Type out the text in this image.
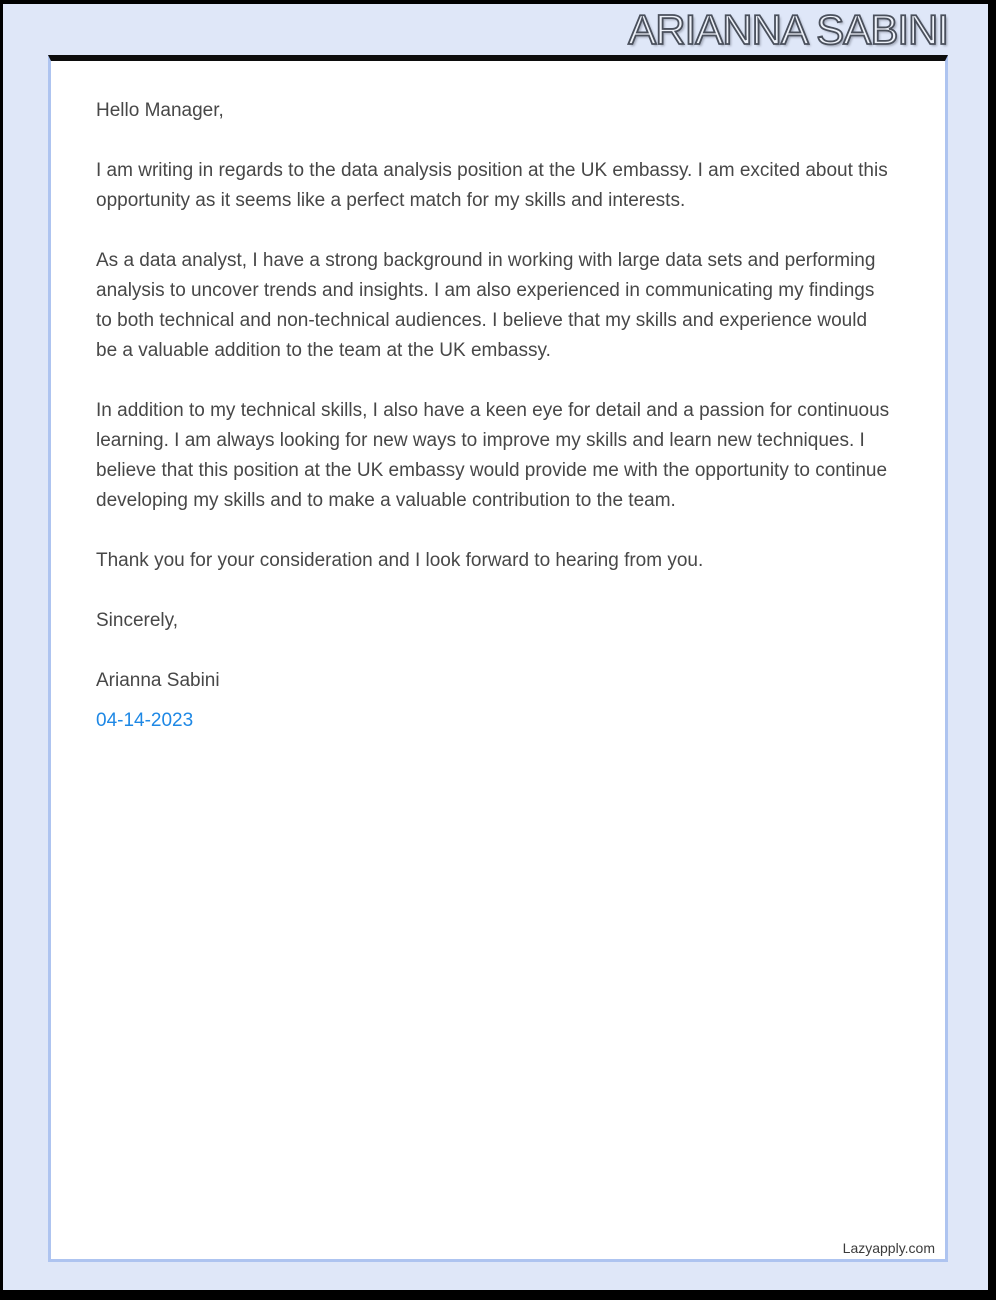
ARIANNA SABINI

Hello Manager,

I am writing in regards to the data analysis position at the UK embassy. I am excited about this opportunity as it seems like a perfect match for my skills and interests.

As a data analyst, I have a strong background in working with large data sets and performing analysis to uncover trends and insights. I am also experienced in communicating my findings to both technical and non-technical audiences. I believe that my skills and experience would be a valuable addition to the team at the UK embassy.

In addition to my technical skills, I also have a keen eye for detail and a passion for continuous learning. I am always looking for new ways to improve my skills and learn new techniques. I believe that this position at the UK embassy would provide me with the opportunity to continue developing my skills and to make a valuable contribution to the team.

Thank you for your consideration and I look forward to hearing from you.

Sincerely,

Arianna Sabini

04-14-2023

Lazyapply.com
